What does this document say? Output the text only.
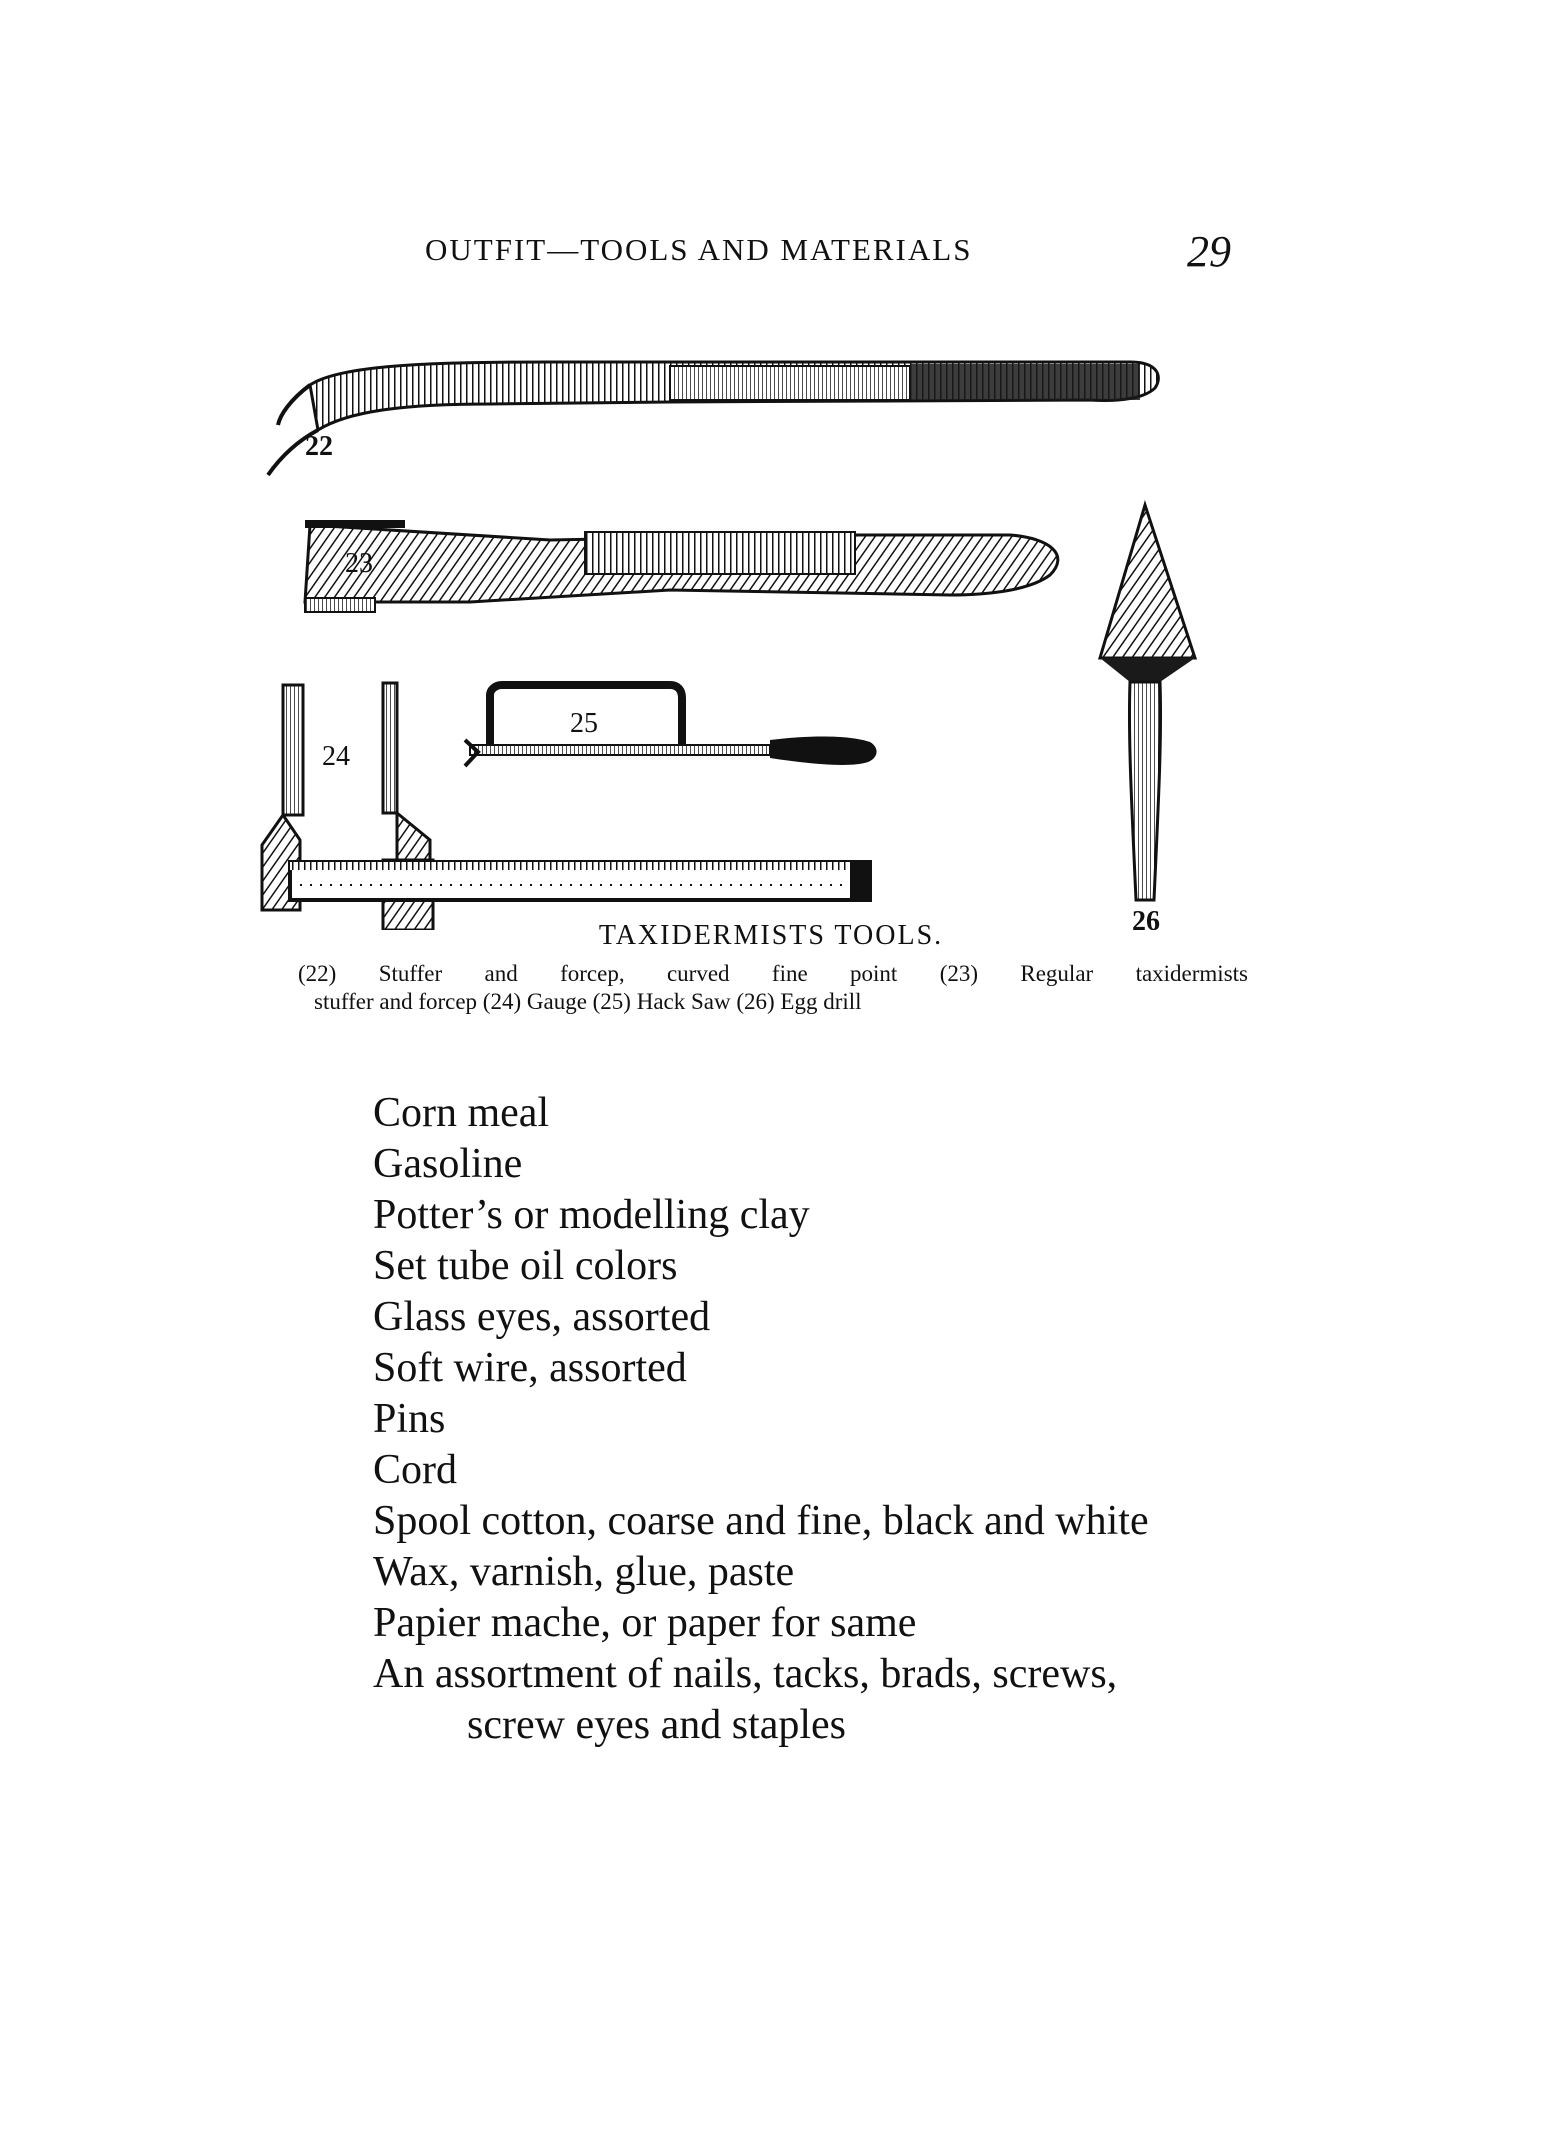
OUTFIT—TOOLS AND MATERIALS	29
22
23
24
25
26
TAXIDERMISTS TOOLS.
(22) Stuffer and forcep, curved fine point (23) Regular taxidermists
stuffer and forcep (24) Gauge (25) Hack Saw (26) Egg drill
Corn meal
Gasoline
Potter’s or modelling clay
Set tube oil colors
Glass eyes, assorted
Soft wire, assorted
Pins
Cord
Spool cotton, coarse and fine, black and white
Wax, varnish, glue, paste
Papier mache, or paper for same
An assortment of nails, tacks, brads, screws,
screw eyes and staples
